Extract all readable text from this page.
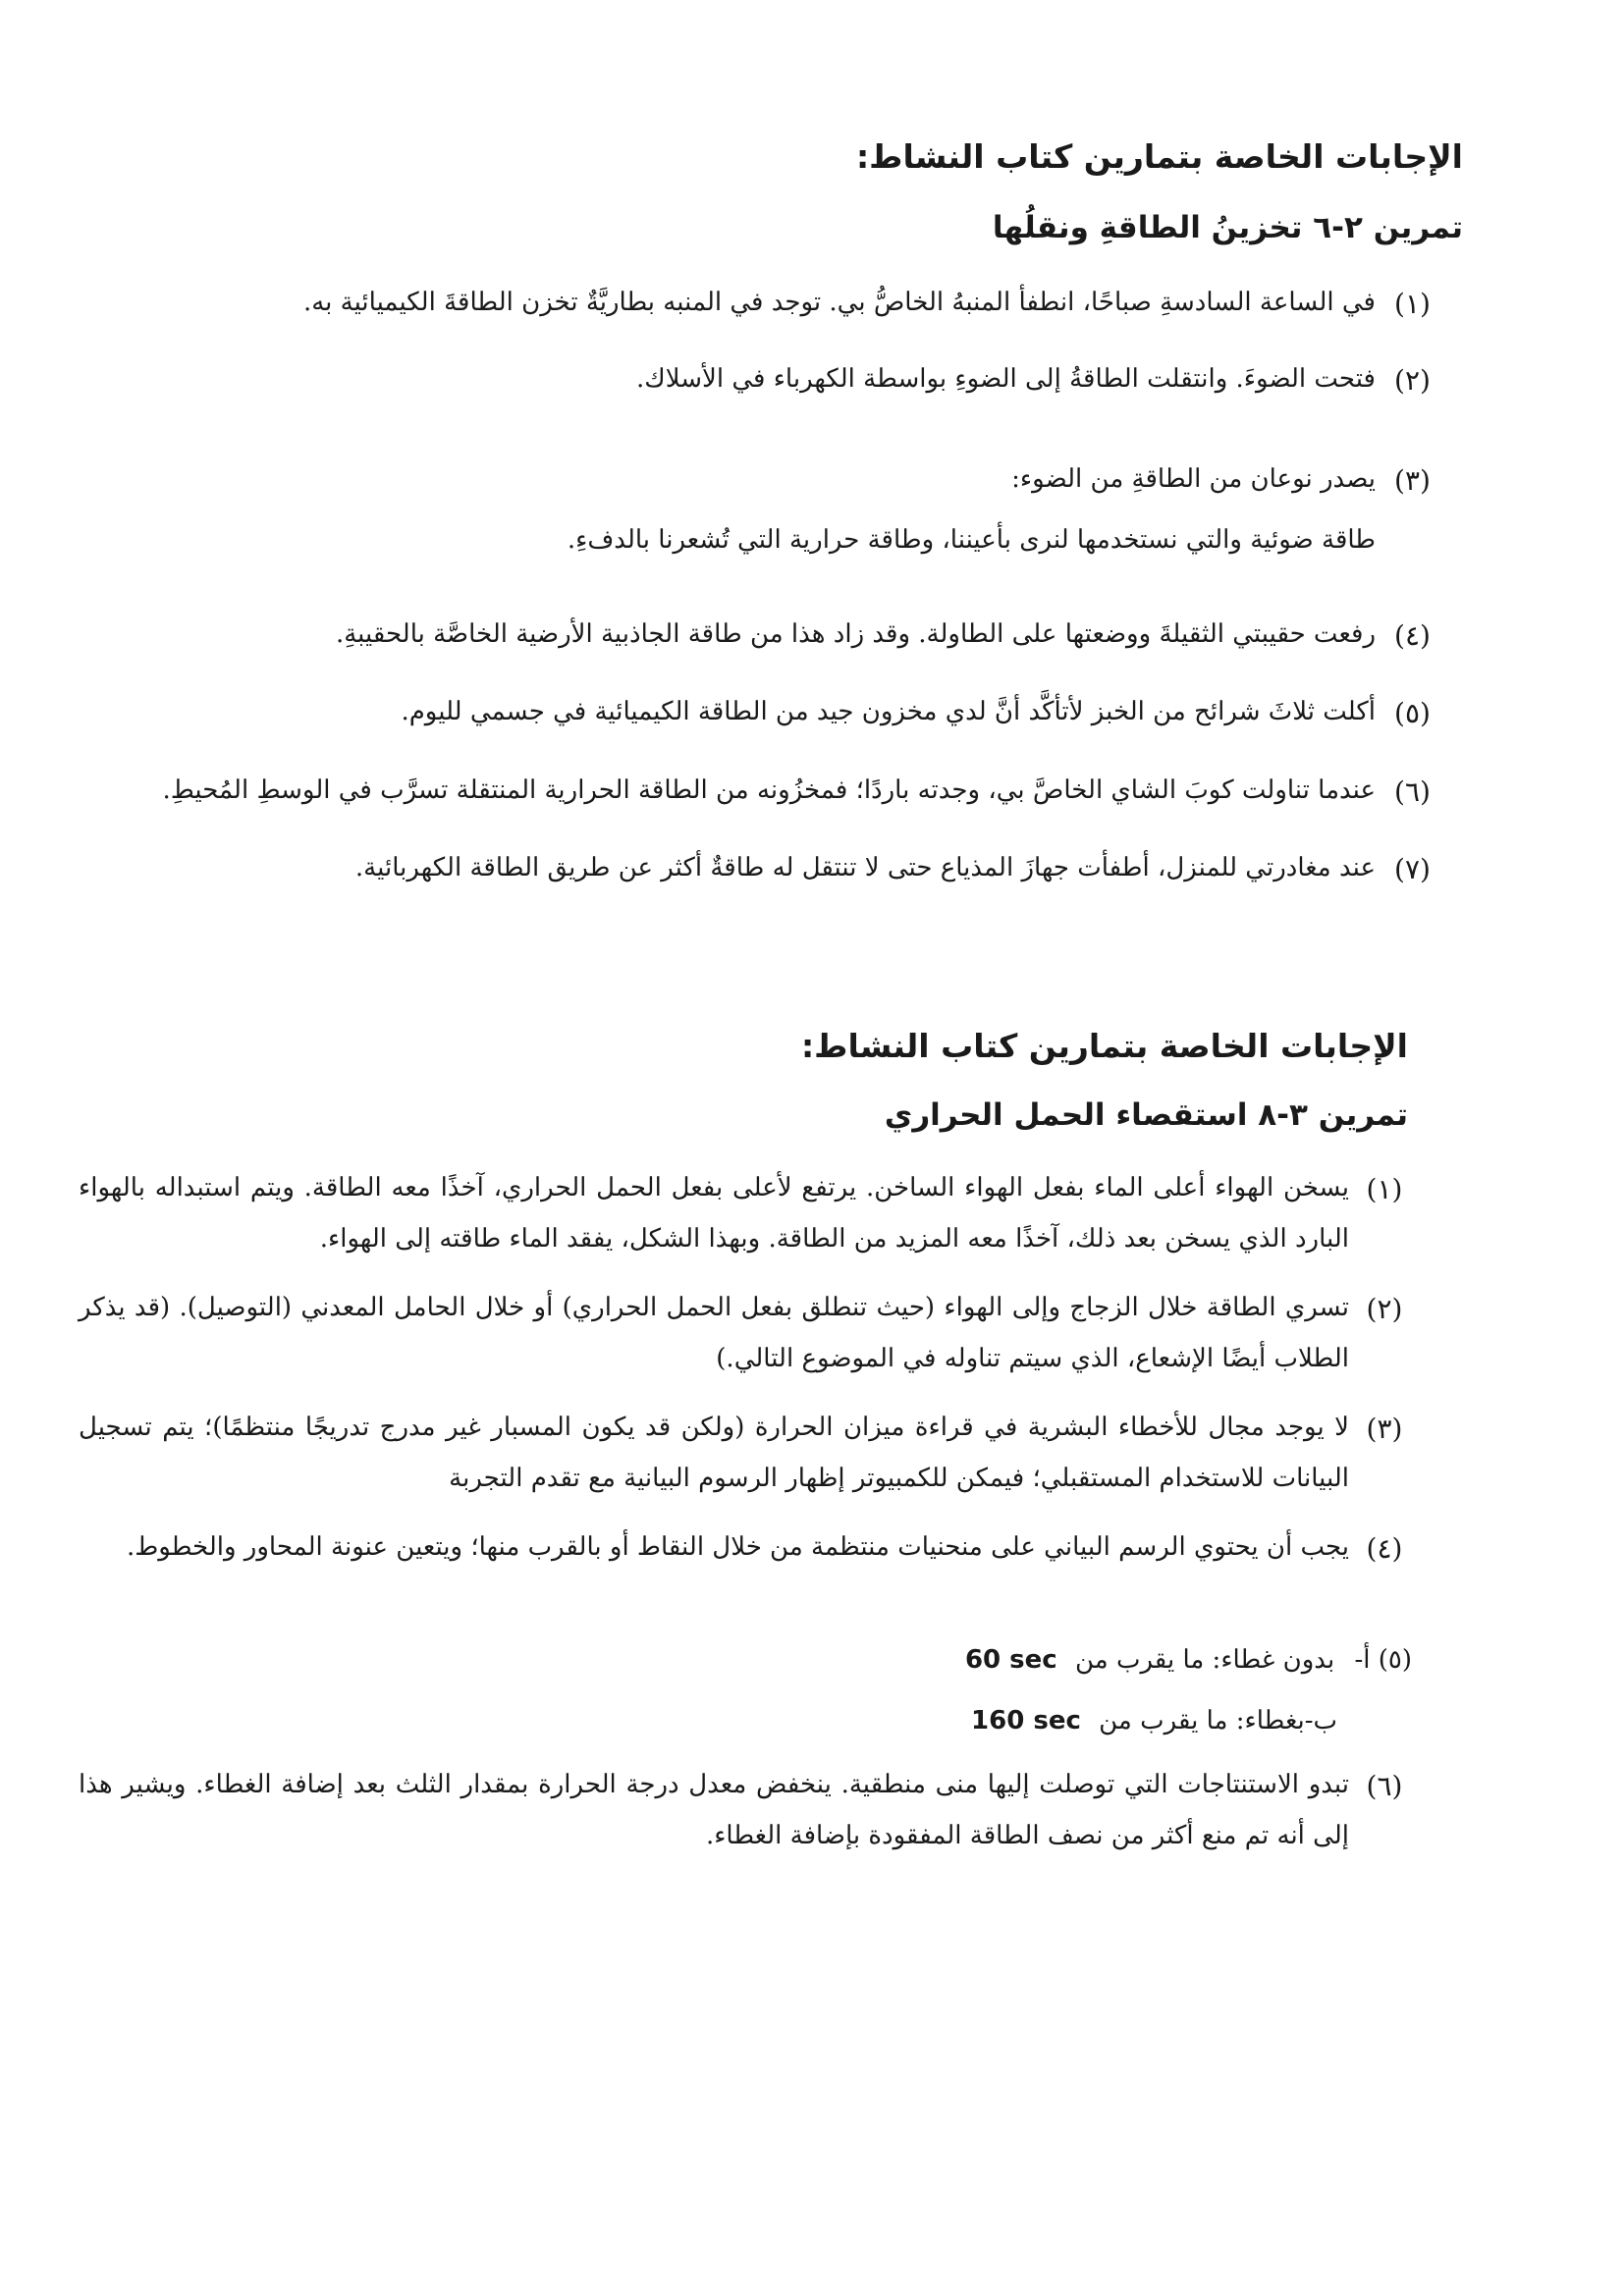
الإجابات الخاصة بتمارين كتاب النشاط:
تمرين ٢-٦ تخزينُ الطاقةِ ونقلُها
(١)

في الساعة السادسةِ صباحًا، انطفأ المنبهُ الخاصُّ بي. توجد في المنبه بطاريَّةٌ تخزن الطاقةَ الكيميائية به.

(٢)

فتحت الضوءَ. وانتقلت الطاقةُ إلى الضوءِ بواسطة الكهرباء في الأسلاك.

(٣)

يصدر نوعان من الطاقةِ من الضوء:

طاقة ضوئية والتي نستخدمها لنرى بأعيننا، وطاقة حرارية التي تُشعرنا بالدفءِ.

(٤)

رفعت حقيبتي الثقيلةَ ووضعتها على الطاولة. وقد زاد هذا من طاقة الجاذبية الأرضية الخاصَّة بالحقيبةِ.

(٥)

أكلت ثلاثَ شرائح من الخبز لأتأكَّد أنَّ لدي مخزون جيد من الطاقة الكيميائية في جسمي لليوم.

(٦)

عندما تناولت كوبَ الشاي الخاصَّ بي، وجدته باردًا؛ فمخزُونه من الطاقة الحرارية المنتقلة تسرَّب في الوسطِ المُحيطِ.

(٧)

عند مغادرتي للمنزل، أطفأت جهازَ المذياع حتى لا تنتقل له طاقةٌ أكثر عن طريق الطاقة الكهربائية.

الإجابات الخاصة بتمارين كتاب النشاط:
تمرين ٣-٨ استقصاء الحمل الحراري
(١)

يسخن الهواء أعلى الماء بفعل الهواء الساخن. يرتفع لأعلى بفعل الحمل الحراري، آخذًا معه الطاقة. ويتم استبداله بالهواء البارد الذي يسخن بعد ذلك، آخذًا معه المزيد من الطاقة. وبهذا الشكل، يفقد الماء طاقته إلى الهواء.

(٢)

تسري الطاقة خلال الزجاج وإلى الهواء (حيث تنطلق بفعل الحمل الحراري) أو خلال الحامل المعدني (التوصيل). (قد يذكر الطلاب أيضًا الإشعاع، الذي سيتم تناوله في الموضوع التالي.)

(٣)

لا يوجد مجال للأخطاء البشرية في قراءة ميزان الحرارة (ولكن قد يكون المسبار غير مدرج تدريجًا منتظمًا)؛ يتم تسجيل البيانات للاستخدام المستقبلي؛ فيمكن للكمبيوتر إظهار الرسوم البيانية مع تقدم التجربة

(٤)

يجب أن يحتوي الرسم البياني على منحنيات منتظمة من خلال النقاط أو بالقرب منها؛ ويتعين عنونة المحاور والخطوط.

(٥) أ- بدون غطاء: ما يقرب من 60 sec
ب-بغطاء: ما يقرب من 160 sec
(٦)

تبدو الاستنتاجات التي توصلت إليها منى منطقية. ينخفض معدل درجة الحرارة بمقدار الثلث بعد إضافة الغطاء. ويشير هذا إلى أنه تم منع أكثر من نصف الطاقة المفقودة بإضافة الغطاء.
